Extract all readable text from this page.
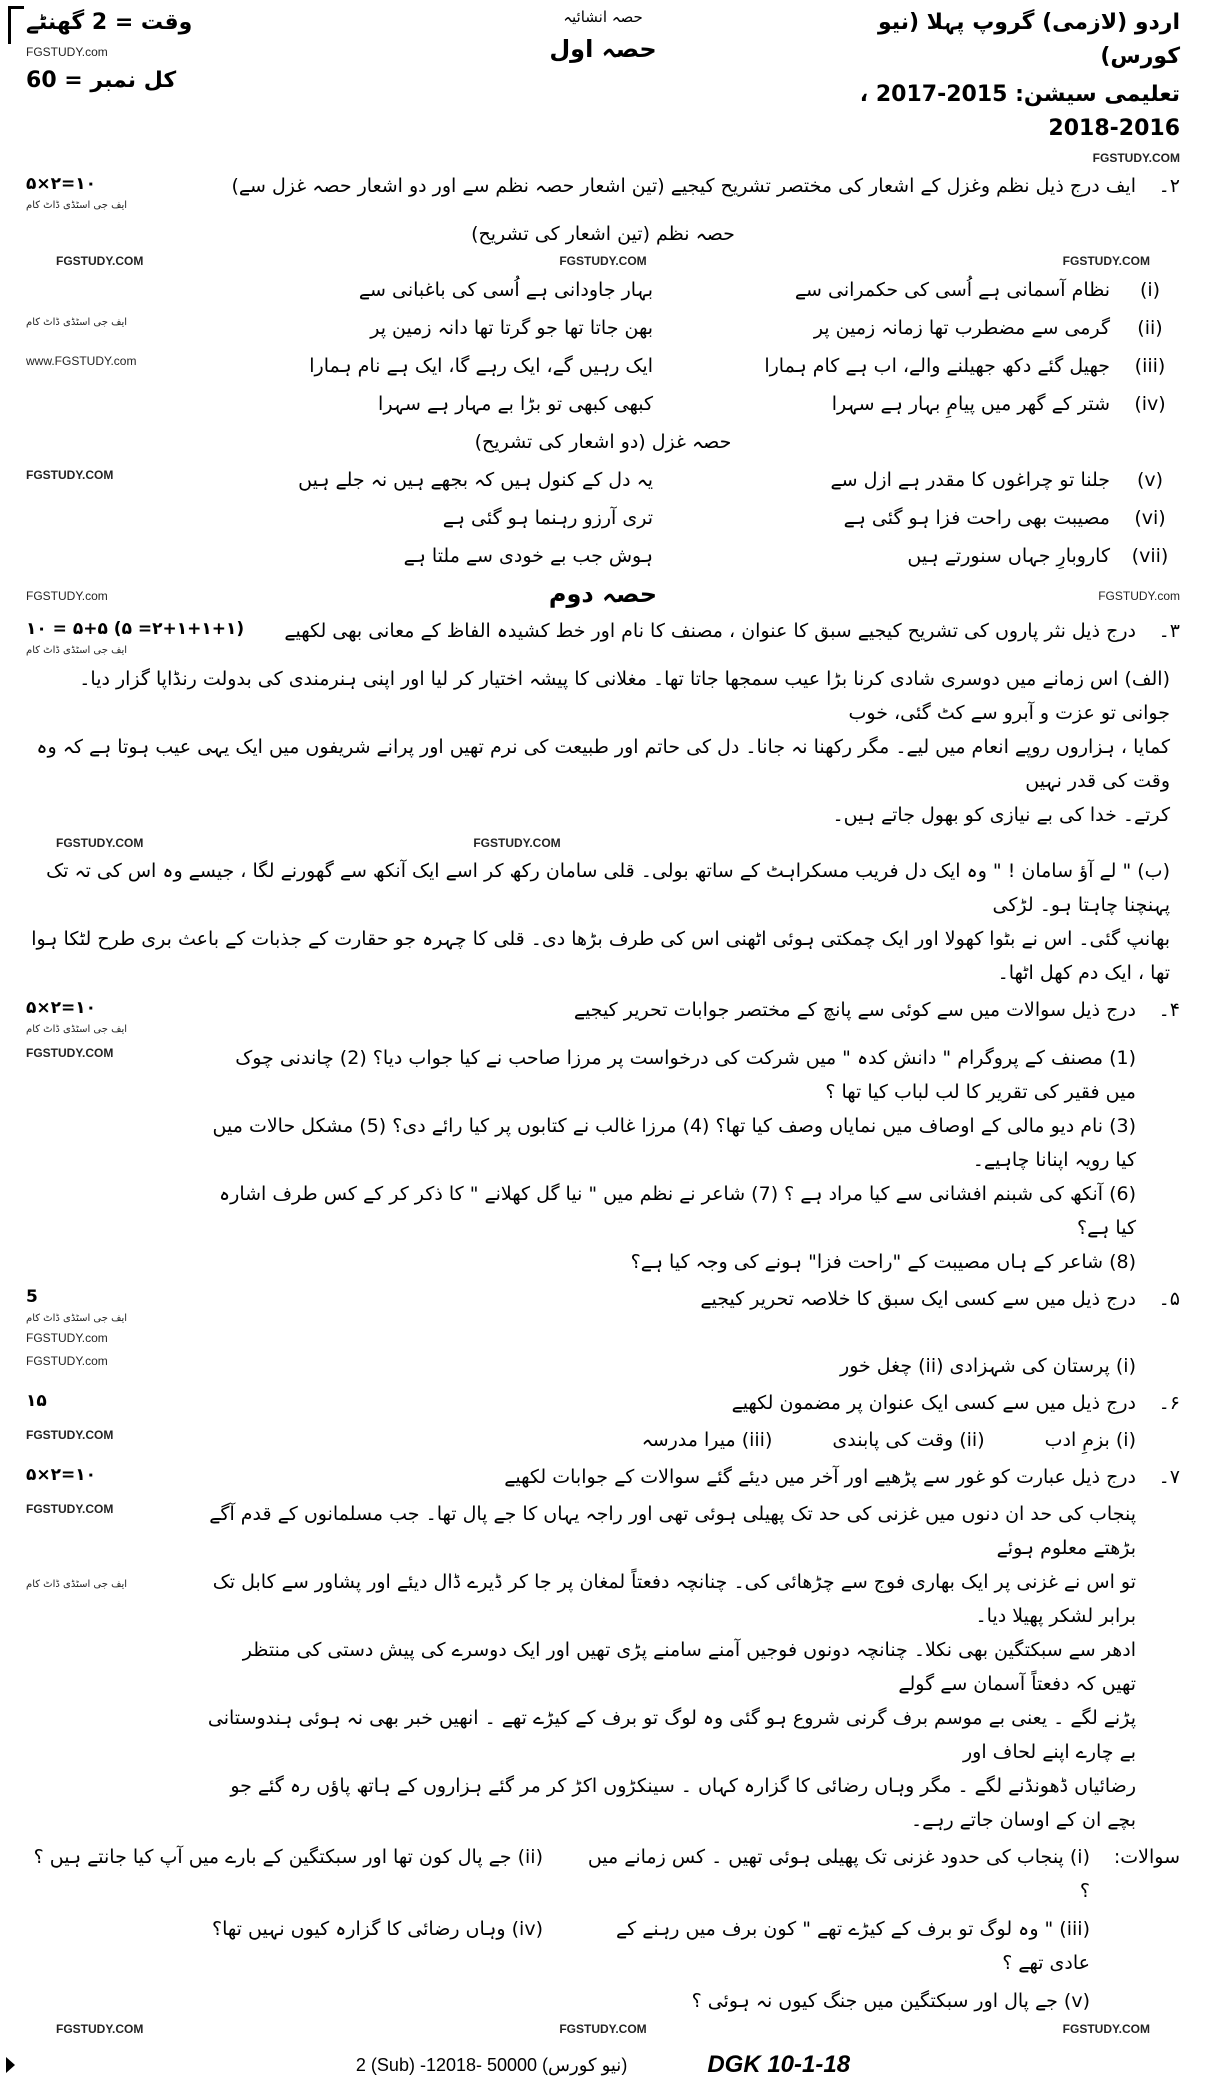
اردو (لازمی) گروپ پہلا (نیو کورس)
تعلیمی سیشن: 2015-2017 ، 2016-2018
FGSTUDY.COM
حصہ انشائیہ
حصہ اول
وقت = 2 گھنٹے
FGSTUDY.com
کل نمبر = 60
۲۔
ایف درج ذیل نظم وغزل کے اشعار کی مختصر تشریح کیجیے (تین اشعار حصہ نظم سے اور دو اشعار حصہ غزل سے)
۱۰=۲×۵
ایف جی اسٹڈی ڈاٹ کام
حصہ نظم (تین اشعار کی تشریح)
FGSTUDY.COM	FGSTUDY.COM	FGSTUDY.COM
(i)
نظام آسمانی ہے اُسی کی حکمرانی سے
بہار جاودانی ہے اُسی کی باغبانی سے
(ii)
گرمی سے مضطرب تھا زمانہ زمین پر
بھن جاتا تھا جو گرتا تھا دانہ زمین پر
ایف جی اسٹڈی ڈاٹ کام
(iii)
جھیل گئے دکھ جھیلنے والے، اب ہے کام ہمارا
ایک رہیں گے، ایک رہے گا، ایک ہے نام ہمارا
www.FGSTUDY.com
(iv)
شتر کے گھر میں پیامِ بہار ہے سہرا
کبھی کبھی تو بڑا بے مہار ہے سہرا
حصہ غزل (دو اشعار کی تشریح)
(v)
جلنا تو چراغوں کا مقدر ہے ازل سے
یہ دل کے کنول ہیں کہ بجھے ہیں نہ جلے ہیں
FGSTUDY.COM
(vi)
مصیبت بھی راحت فزا ہو گئی ہے
تری آرزو رہنما ہو گئی ہے
(vii)
کاروبارِ جہاں سنورتے ہیں
ہوش جب بے خودی سے ملتا ہے
FGSTUDY.com
حصہ دوم
FGSTUDY.com
۳۔
درج ذیل نثر پاروں کی تشریح کیجیے سبق کا عنوان ، مصنف کا نام اور خط کشیدہ الفاظ کے معانی بھی لکھیے
(۲+۱+۱+۱= ۵) ۵+۵ = ۱۰
ایف جی اسٹڈی ڈاٹ کام
(الف) اس زمانے میں دوسری شادی کرنا بڑا عیب سمجھا جاتا تھا۔ مغلانی کا پیشہ اختیار کر لیا اور اپنی ہنرمندی کی بدولت رنڈاپا گزار دیا۔ جوانی تو عزت و آبرو سے کٹ گئی، خوب
کمایا ، ہزاروں روپے انعام میں لیے۔ مگر رکھنا نہ جانا۔ دل کی حاتم اور طبیعت کی نرم تھیں اور پرانے شریفوں میں ایک یہی عیب ہوتا ہے کہ وہ وقت کی قدر نہیں
کرتے۔ خدا کی بے نیازی کو بھول جاتے ہیں۔
FGSTUDY.COM	FGSTUDY.COM
(ب) " لے آؤ سامان ! " وہ ایک دل فریب مسکراہٹ کے ساتھ بولی۔ قلی سامان رکھ کر اسے ایک آنکھ سے گھورنے لگا ، جیسے وہ اس کی تہ تک پہنچنا چاہتا ہو۔ لڑکی
بھانپ گئی۔ اس نے بٹوا کھولا اور ایک چمکتی ہوئی اٹھنی اس کی طرف بڑھا دی۔ قلی کا چہرہ جو حقارت کے جذبات کے باعث بری طرح لٹکا ہوا تھا ، ایک دم کھل اٹھا۔
۴۔
درج ذیل سوالات میں سے کوئی سے پانچ کے مختصر جوابات تحریر کیجیے
۱۰=۲×۵
ایف جی اسٹڈی ڈاٹ کام
(1) مصنف کے پروگرام " دانش کدہ " میں شرکت کی درخواست پر مرزا صاحب نے کیا جواب دیا؟ (2) چاندنی چوک میں فقیر کی تقریر کا لب لباب کیا تھا ؟
(3) نام دیو مالی کے اوصاف میں نمایاں وصف کیا تھا؟ (4) مرزا غالب نے کتابوں پر کیا رائے دی؟ (5) مشکل حالات میں کیا رویہ اپنانا چاہیے۔
(6) آنکھ کی شبنم افشانی سے کیا مراد ہے ؟ (7) شاعر نے نظم میں " نیا گل کھلانے " کا ذکر کر کے کس طرف اشارہ کیا ہے؟
(8) شاعر کے ہاں مصیبت کے "راحت فزا" ہونے کی وجہ کیا ہے؟
FGSTUDY.COM
۵۔
درج ذیل میں سے کسی ایک سبق کا خلاصہ تحریر کیجیے
5
ایف جی اسٹڈی ڈاٹ کام
FGSTUDY.com
(i) پرستان کی شہزادی (ii) چغل خور
FGSTUDY.com
۶۔
درج ذیل میں سے کسی ایک عنوان پر مضمون لکھیے
۱۵
(i) بزمِ ادب
(ii) وقت کی پابندی
(iii) میرا مدرسہ
FGSTUDY.COM
۷۔
درج ذیل عبارت کو غور سے پڑھیے اور آخر میں دیئے گئے سوالات کے جوابات لکھیے
۱۰=۲×۵
پنجاب کی حد ان دنوں میں غزنی کی حد تک پھیلی ہوئی تھی اور راجہ یہاں کا جے پال تھا۔ جب مسلمانوں کے قدم آگے بڑھتے معلوم ہوئے
تو اس نے غزنی پر ایک بھاری فوج سے چڑھائی کی۔ چنانچہ دفعتاً لمغان پر جا کر ڈیرے ڈال دیئے اور پشاور سے کابل تک برابر لشکر پھیلا دیا۔
ادھر سے سبکتگین بھی نکلا۔ چنانچہ دونوں فوجیں آمنے سامنے پڑی تھیں اور ایک دوسرے کی پیش دستی کی منتظر تھیں کہ دفعتاً آسمان سے گولے
پڑنے لگے ۔ یعنی بے موسم برف گرنی شروع ہو گئی وہ لوگ تو برف کے کیڑے تھے ۔ انھیں خبر بھی نہ ہوئی ہندوستانی بے چارے اپنے لحاف اور
رضائیاں ڈھونڈنے لگے ۔ مگر وہاں رضائی کا گزارہ کہاں ۔ سینکڑوں اکڑ کر مر گئے ہزاروں کے ہاتھ پاؤں رہ گئے جو بچے ان کے اوسان جاتے رہے۔
FGSTUDY.COM
ایف جی اسٹڈی ڈاٹ کام
سوالات:
(i) پنجاب کی حدود غزنی تک پھیلی ہوئی تھیں ۔ کس زمانے میں ؟
(ii) جے پال کون تھا اور سبکتگین کے بارے میں آپ کیا جانتے ہیں ؟
(iii) " وہ لوگ تو برف کے کیڑے تھے " کون برف میں رہنے کے عادی تھے ؟
(iv) وہاں رضائی کا گزارہ کیوں نہیں تھا؟
(v) جے پال اور سبکتگین میں جنگ کیوں نہ ہوئی ؟
FGSTUDY.COM	FGSTUDY.COM	FGSTUDY.COM
2 (Sub) -12018- 50000 (نیو کورس)	DGK 10-1-18
